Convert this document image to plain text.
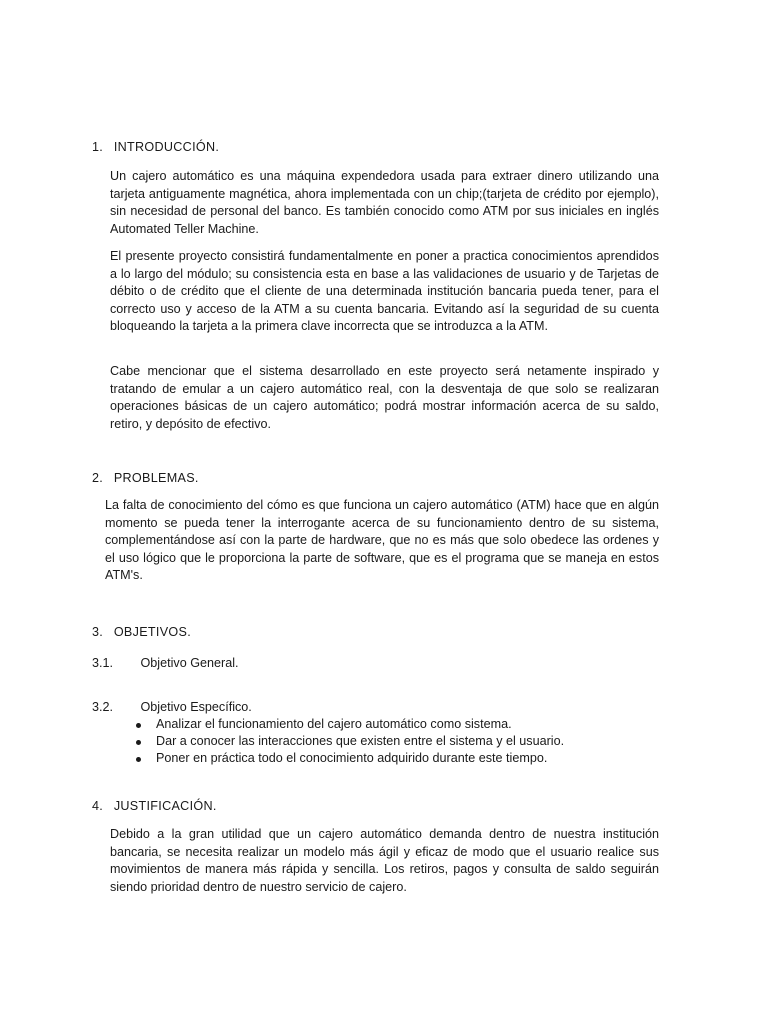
1. INTRODUCCIÓN.

Un cajero automático es una máquina expendedora usada para extraer dinero utilizando una tarjeta antiguamente magnética, ahora implementada con un chip;(tarjeta de crédito por ejemplo), sin necesidad de personal del banco. Es también conocido como ATM por sus iniciales en inglés Automated Teller Machine.

El presente proyecto consistirá fundamentalmente en poner a practica conocimientos aprendidos a lo largo del módulo; su consistencia esta en base a las validaciones de usuario y de Tarjetas de débito o de crédito que el cliente de una determinada institución bancaria pueda tener, para el correcto uso y acceso de la ATM a su cuenta bancaria. Evitando así la seguridad de su cuenta bloqueando la tarjeta a la primera clave incorrecta que se introduzca a la ATM.

Cabe mencionar que el sistema desarrollado en este proyecto será netamente inspirado y tratando de emular a un cajero automático real, con la desventaja de que solo se realizaran operaciones básicas de un cajero automático; podrá mostrar información acerca de su saldo, retiro, y depósito de efectivo.

2. PROBLEMAS.

La falta de conocimiento del cómo es que funciona un cajero automático (ATM) hace que en algún momento se pueda tener la interrogante acerca de su funcionamiento dentro de su sistema, complementándose así con la parte de hardware, que no es más que solo obedece las ordenes y el uso lógico que le proporciona la parte de software, que es el programa que se maneja en estos ATM's.

3. OBJETIVOS.

3.1. Objetivo General.

3.2. Objetivo Específico.

Analizar el funcionamiento del cajero automático como sistema.
Dar a conocer las interacciones que existen entre el sistema y el usuario.
Poner en práctica todo el conocimiento adquirido durante este tiempo.
4. JUSTIFICACIÓN.

Debido a la gran utilidad que un cajero automático demanda dentro de nuestra institución bancaria, se necesita realizar un modelo más ágil y eficaz de modo que el usuario realice sus movimientos de manera más rápida y sencilla. Los retiros, pagos y consulta de saldo seguirán siendo prioridad dentro de nuestro servicio de cajero.
